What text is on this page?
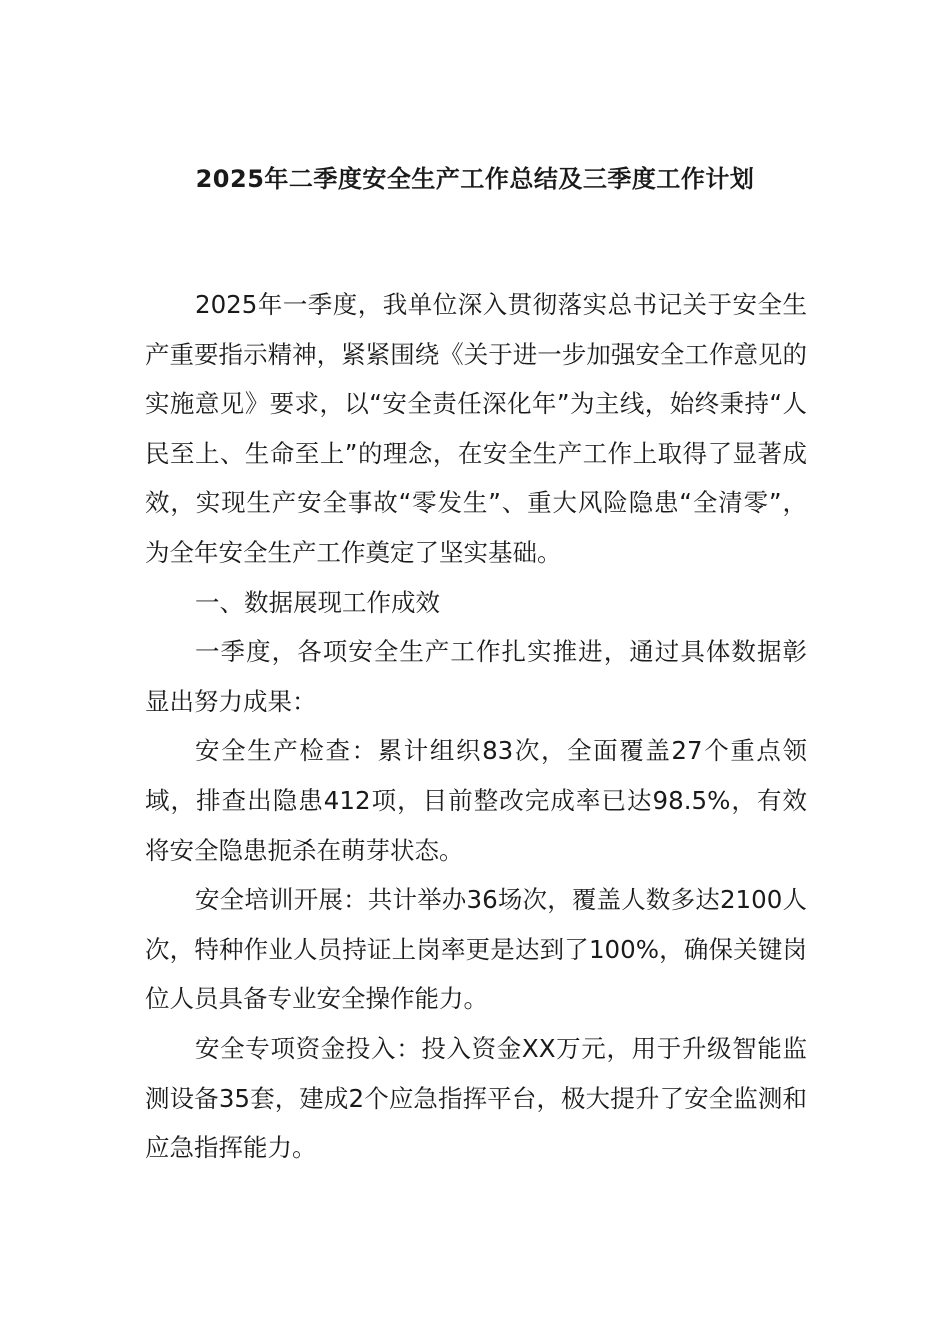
2025年二季度安全生产工作总结及三季度工作计划

2025年一季度，我单位深入贯彻落实总书记关于安全生产重要指示精神，紧紧围绕《关于进一步加强安全工作意见的实施意见》要求，以“安全责任深化年”为主线，始终秉持“人民至上、生命至上”的理念，在安全生产工作上取得了显著成效，实现生产安全事故“零发生”、重大风险隐患“全清零”，为全年安全生产工作奠定了坚实基础。

一、数据展现工作成效

一季度，各项安全生产工作扎实推进，通过具体数据彰显出努力成果：

安全生产检查：累计组织83次，全面覆盖27个重点领域，排查出隐患412项，目前整改完成率已达98.5%，有效将安全隐患扼杀在萌芽状态。

安全培训开展：共计举办36场次，覆盖人数多达2100人次，特种作业人员持证上岗率更是达到了100%，确保关键岗位人员具备专业安全操作能力。

安全专项资金投入：投入资金XX万元，用于升级智能监测设备35套，建成2个应急指挥平台，极大提升了安全监测和应急指挥能力。
